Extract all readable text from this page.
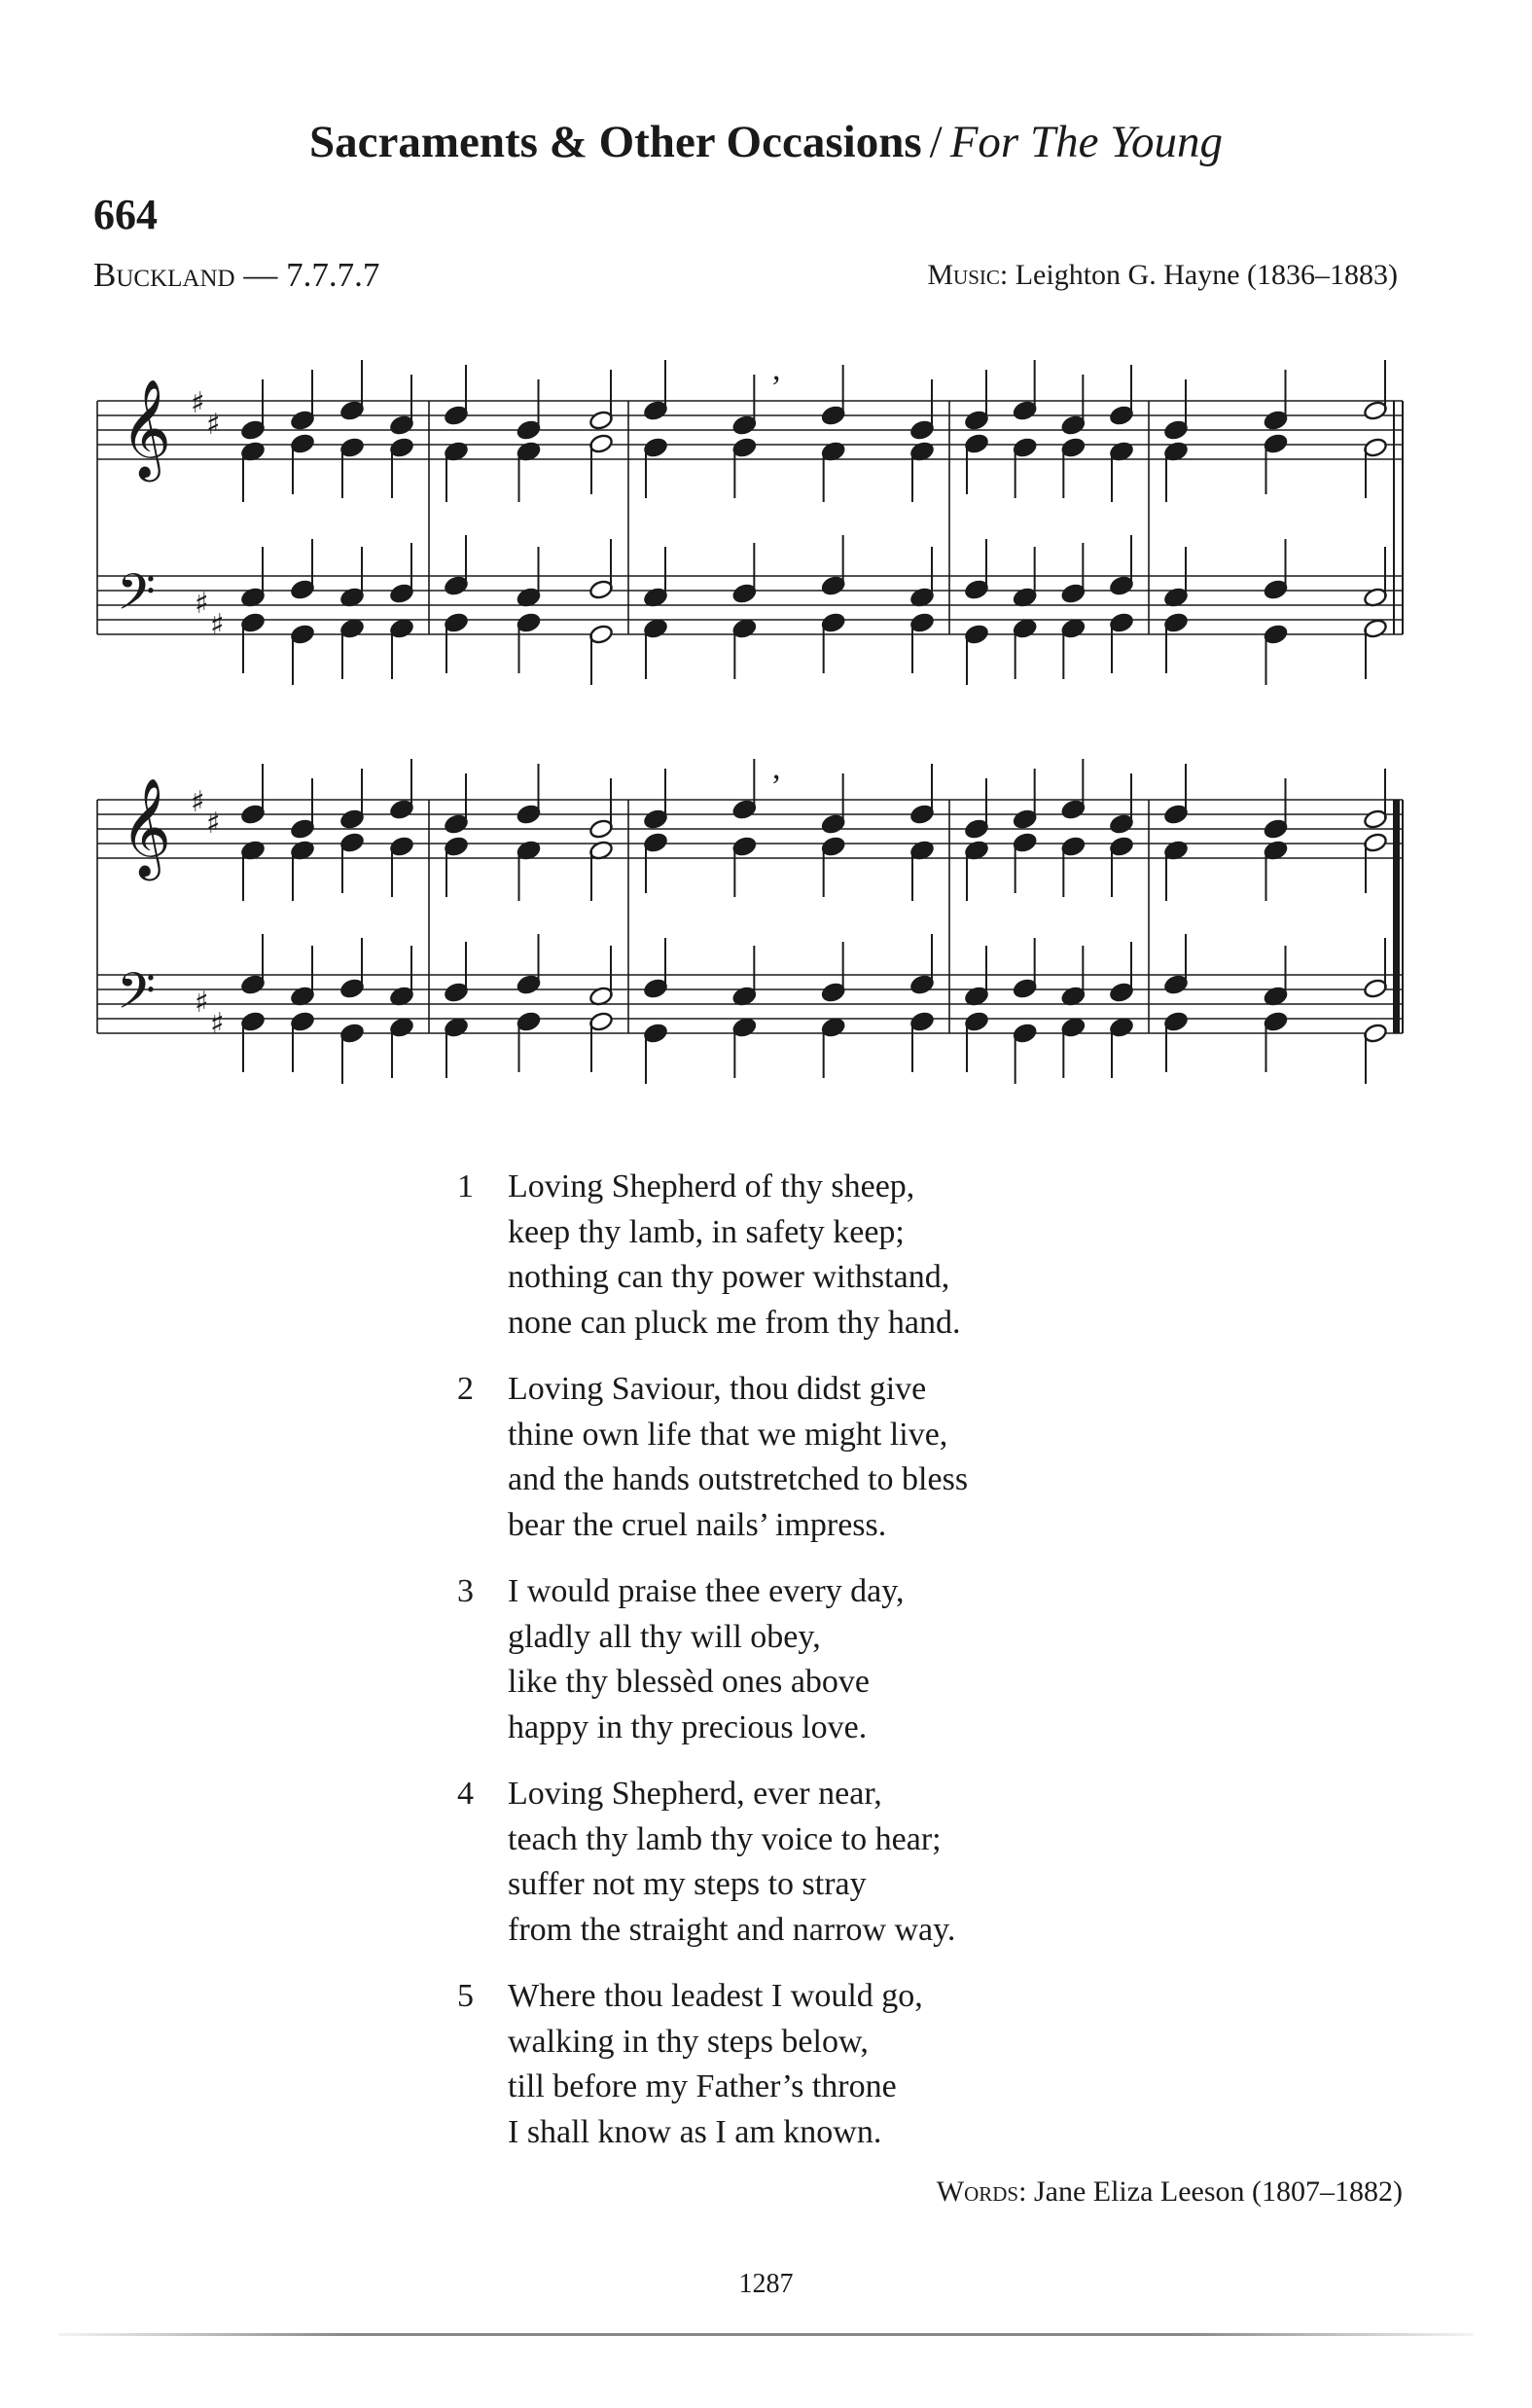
Sacraments & Other Occasions / For The Young
664
Buckland — 7.7.7.7	Music: Leighton G. Hayne (1836–1883)
𝄞
𝄢
♯
♯
♯
♯
,
𝄞
𝄢
♯
♯
♯
♯
,
1	Loving Shepherd of thy sheep,
keep thy lamb, in safety keep;
nothing can thy power withstand,
none can pluck me from thy hand.
2	Loving Saviour, thou didst give
thine own life that we might live,
and the hands outstretched to bless
bear the cruel nails’ impress.
3	I would praise thee every day,
gladly all thy will obey,
like thy blessèd ones above
happy in thy precious love.
4	Loving Shepherd, ever near,
teach thy lamb thy voice to hear;
suffer not my steps to stray
from the straight and narrow way.
5	Where thou leadest I would go,
walking in thy steps below,
till before my Father’s throne
I shall know as I am known.
Words: Jane Eliza Leeson (1807–1882)
1287
